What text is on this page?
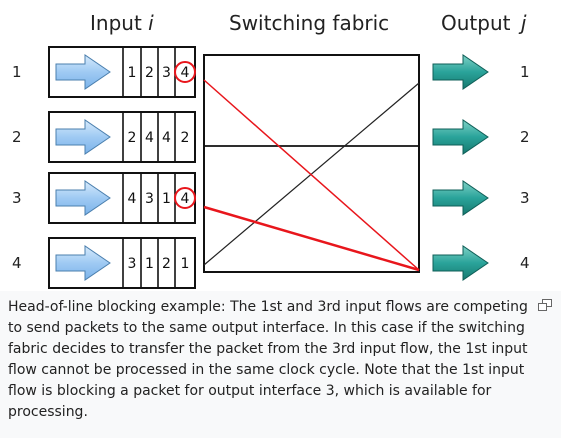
Input i	Switching fabric	Output j
1	1 2 3 4
2	2 4 4 2
3	4 3 1 4
4	3 1 2 1
1
2
3
4

Head-of-line blocking example: The 1st and 3rd input flows are competing to send packets to the same output interface. In this case if the switching fabric decides to transfer the packet from the 3rd input flow, the 1st input flow cannot be processed in the same clock cycle. Note that the 1st input flow is blocking a packet for output interface 3, which is available for processing.
